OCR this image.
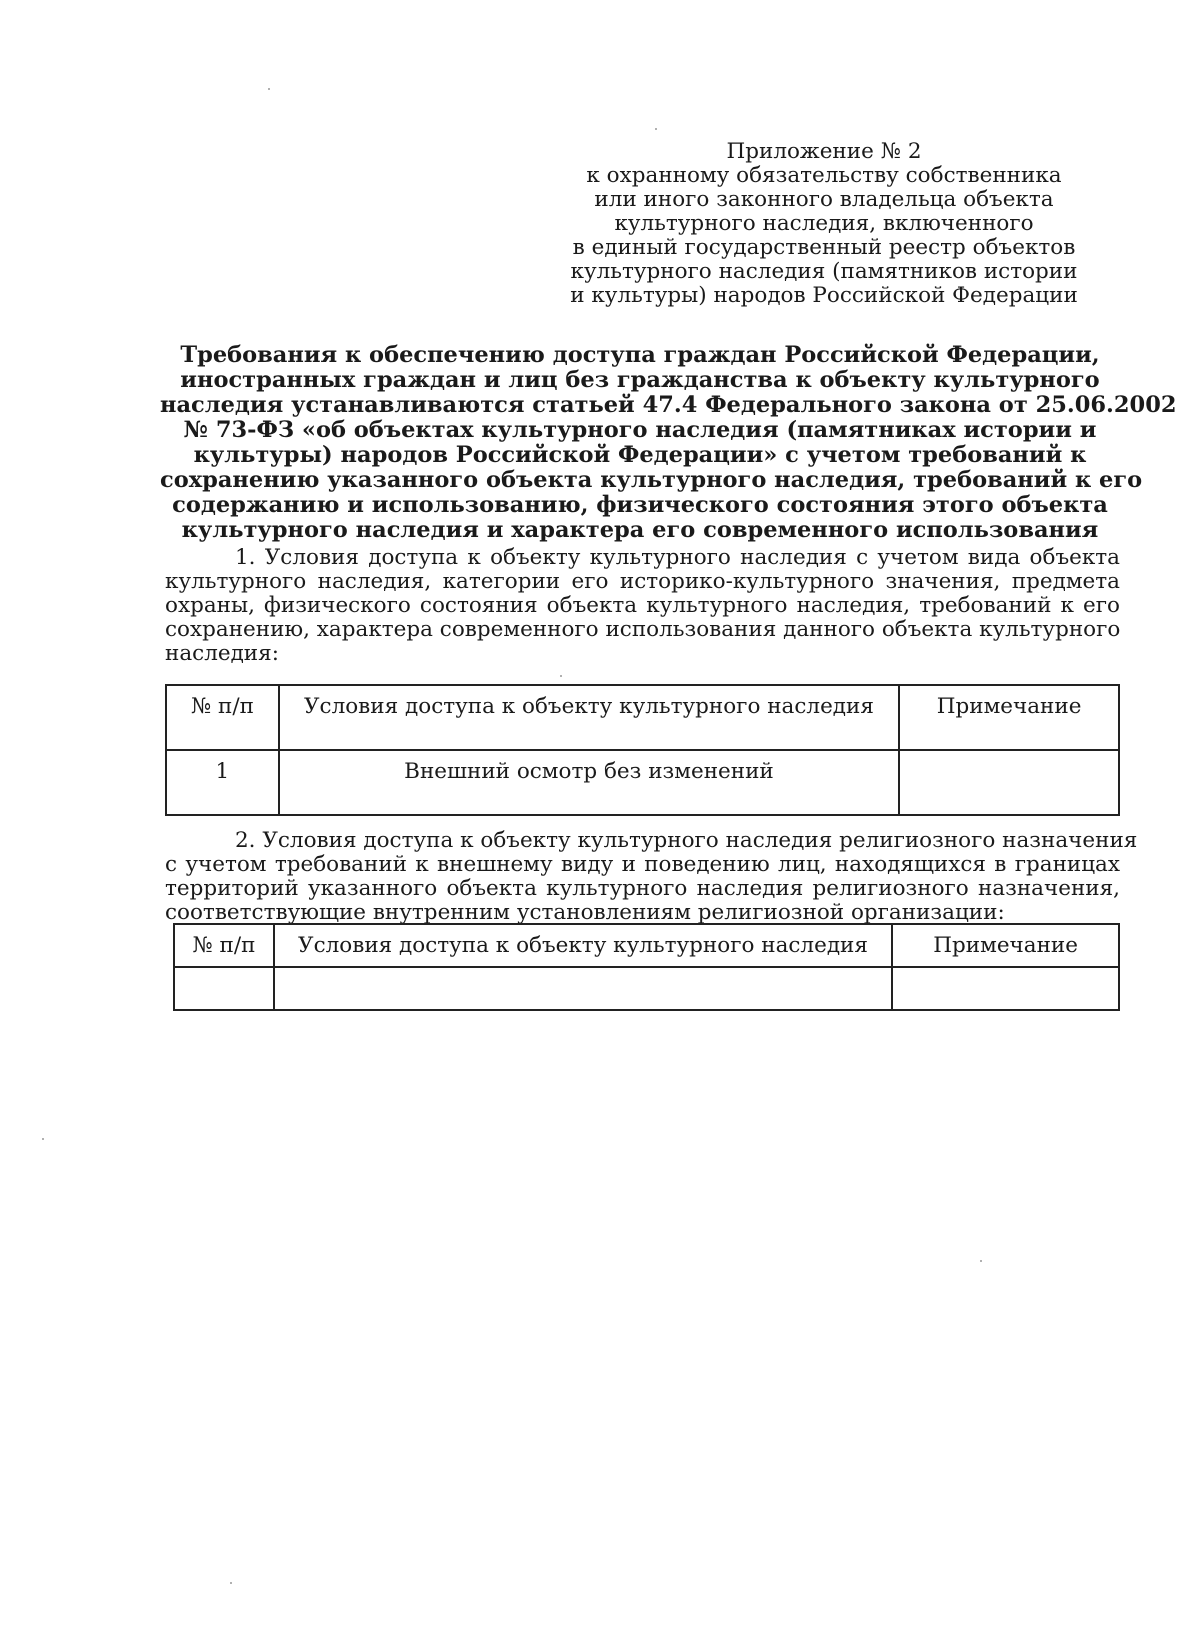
Приложение № 2
к охранному обязательству собственника
или иного законного владельца объекта
культурного наследия, включенного
в единый государственный реестр объектов
культурного наследия (памятников истории
и культуры) народов Российской Федерации
Требования к обеспечению доступа граждан Российской Федерации,
иностранных граждан и лиц без гражданства к объекту культурного
наследия устанавливаются статьей 47.4 Федерального закона от 25.06.2002
№ 73-ФЗ «об объектах культурного наследия (памятниках истории и
культуры) народов Российской Федерации» с учетом требований к
сохранению указанного объекта культурного наследия, требований к его
содержанию и использованию, физического состояния этого объекта
культурного наследия и характера его современного использования
1. Условия доступа к объекту культурного наследия с учетом вида объекта
культурного наследия, категории его историко-культурного значения, предмета
охраны, физического состояния объекта культурного наследия, требований к его
сохранению, характера современного использования данного объекта культурного
наследия:
№ п/п	Условия доступа к объекту культурного наследия	Примечание
1	Внешний осмотр без изменений	
2. Условия доступа к объекту культурного наследия религиозного назначения
с учетом требований к внешнему виду и поведению лиц, находящихся в границах
территорий указанного объекта культурного наследия религиозного назначения,
соответствующие внутренним установлениям религиозной организации:
№ п/п	Условия доступа к объекту культурного наследия	Примечание
